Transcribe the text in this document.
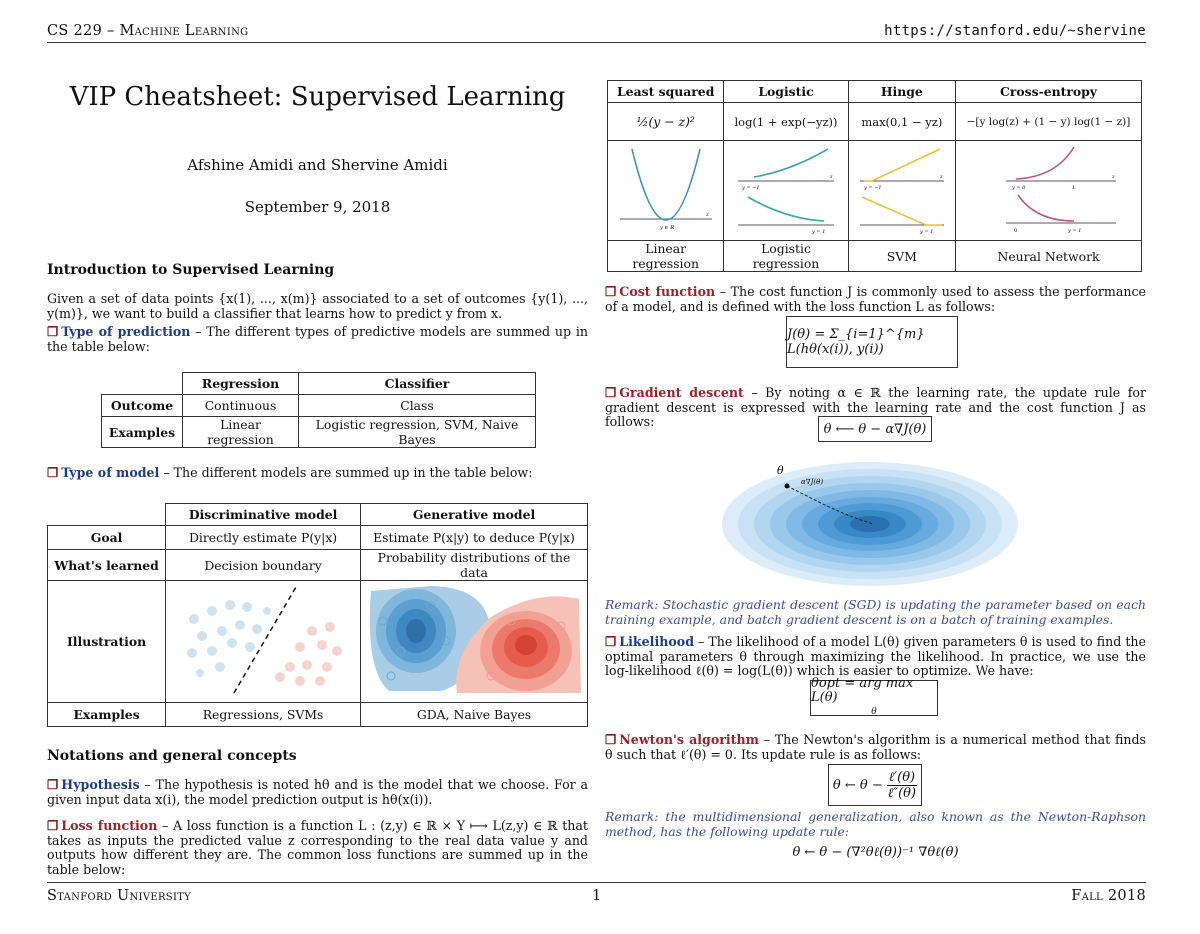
CS 229 – Machine Learning	https://stanford.edu/~shervine
VIP Cheatsheet: Supervised Learning
Afshine Amidi and Shervine Amidi
September 9, 2018
Introduction to Supervised Learning
Given a set of data points {x(1), ..., x(m)} associated to a set of outcomes {y(1), ..., y(m)}, we want to build a classifier that learns how to predict y from x.
❒ Type of prediction – The different types of predictive models are summed up in the table below:
	Regression	Classifier
Outcome	Continuous	Class
Examples	Linear regression	Logistic regression, SVM, Naive Bayes
❒ Type of model – The different models are summed up in the table below:
	Discriminative model	Generative model
Goal	Directly estimate P(y|x)	Estimate P(x|y) to deduce P(y|x)
What's learned	Decision boundary	Probability distributions of the data
Illustration		
Examples	Regressions, SVMs	GDA, Naive Bayes
Notations and general concepts
❒ Hypothesis – The hypothesis is noted hθ and is the model that we choose. For a given input data x(i), the model prediction output is hθ(x(i)).
❒ Loss function – A loss function is a function L : (z,y) ∈ ℝ × Y ⟼ L(z,y) ∈ ℝ that takes as inputs the predicted value z corresponding to the real data value y and outputs how different they are. The common loss functions are summed up in the table below:
Least squared	Logistic	Hinge	Cross-entropy
½(y − z)²	log(1 + exp(−yz))	max(0,1 − yz)	−[y log(z) + (1 − y) log(1 − z)]

z
y ∈ ℝ	y = −1
z
y = 1	y = −1
z
y = 1	y = 0 1
z
0 y = 1

Linear regression	Logistic regression	SVM	Neural Network
❒ Cost function – The cost function J is commonly used to assess the performance of a model, and is defined with the loss function L as follows:
J(θ) = Σ_{i=1}^{m} L(hθ(x(i)), y(i))
❒ Gradient descent – By noting α ∈ ℝ the learning rate, the update rule for gradient descent is expressed with the learning rate and the cost function J as follows:	θ ⟵ θ − α∇J(θ)
θ
α∇J(θ)
Remark: Stochastic gradient descent (SGD) is updating the parameter based on each training example, and batch gradient descent is on a batch of training examples.
❒ Likelihood – The likelihood of a model L(θ) given parameters θ is used to find the optimal parameters θ through maximizing the likelihood. In practice, we use the log-likelihood ℓ(θ) = log(L(θ)) which is easier to optimize. We have:
θopt = arg max L(θ)
θ
❒ Newton's algorithm – The Newton's algorithm is a numerical method that finds θ such that ℓ′(θ) = 0. Its update rule is as follows:
θ ← θ −
ℓ′(θ)
ℓ″(θ)
Remark: the multidimensional generalization, also known as the Newton-Raphson method, has the following update rule:
θ ← θ − (∇²θℓ(θ))⁻¹ ∇θℓ(θ)
Stanford University	1	Fall 2018
